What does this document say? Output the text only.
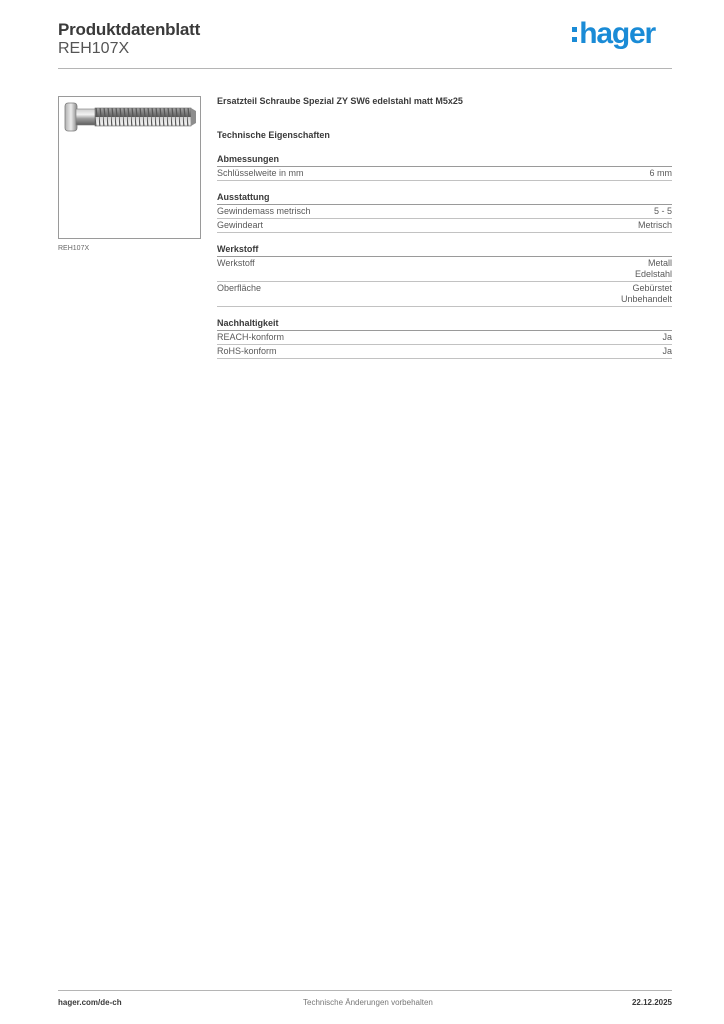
Produktdatenblatt
REH107X	hager
REH107X
Ersatzteil Schraube Spezial ZY SW6 edelstahl matt M5x25
Technische Eigenschaften
Abmessungen
Schlüsselweite in mm	6 mm
Ausstattung
Gewindemass metrisch	5 - 5
Gewindeart	Metrisch
Werkstoff
Werkstoff	Metall
Edelstahl
Oberfläche	Gebürstet
Unbehandelt
Nachhaltigkeit
REACH-konform	Ja
RoHS-konform	Ja
hager.com/de-ch	Technische Änderungen vorbehalten	22.12.2025
